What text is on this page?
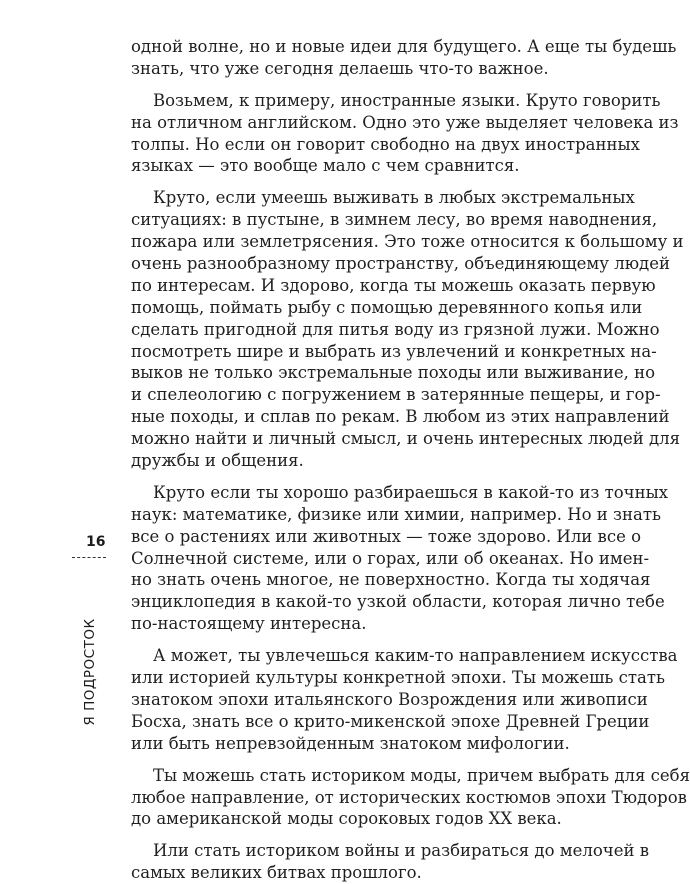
одной волне, но и новые идеи для будущего. А еще ты будешь
знать, что уже сегодня делаешь что-то важное.
Возьмем, к примеру, иностранные языки. Круто говорить
на отличном английском. Одно это уже выделяет человека из
толпы. Но если он говорит свободно на двух иностранных
языках — это вообще мало с чем сравнится.
Круто, если умеешь выживать в любых экстремальных
ситуациях: в пустыне, в зимнем лесу, во время наводнения,
пожара или землетрясения. Это тоже относится к большому и
очень разнообразному пространству, объединяющему людей
по интересам. И здорово, когда ты можешь оказать первую
помощь, поймать рыбу с помощью деревянного копья или
сделать пригодной для питья воду из грязной лужи. Можно
посмотреть шире и выбрать из увлечений и конкретных на-
выков не только экстремальные походы или выживание, но
и спелеологию с погружением в затерянные пещеры, и гор-
ные походы, и сплав по рекам. В любом из этих направлений
можно найти и личный смысл, и очень интересных людей для
дружбы и общения.
Круто если ты хорошо разбираешься в какой-то из точных
наук: математике, физике или химии, например. Но и знать
все о растениях или животных — тоже здорово. Или все о
Солнечной системе, или о горах, или об океанах. Но имен-
но знать очень многое, не поверхностно. Когда ты ходячая
энциклопедия в какой-то узкой области, которая лично тебе
по-настоящему интересна.
А может, ты увлечешься каким-то направлением искусства
или историей культуры конкретной эпохи. Ты можешь стать
знатоком эпохи итальянского Возрождения или живописи
Босха, знать все о крито-микенской эпохе Древней Греции
или быть непревзойденным знатоком мифологии.
Ты можешь стать историком моды, причем выбрать для себя
любое направление, от исторических костюмов эпохи Тюдоров
до американской моды сороковых годов XX века.
Или стать историком войны и разбираться до мелочей в
самых великих битвах прошлого.
16
Я ПОДРОСТОК
